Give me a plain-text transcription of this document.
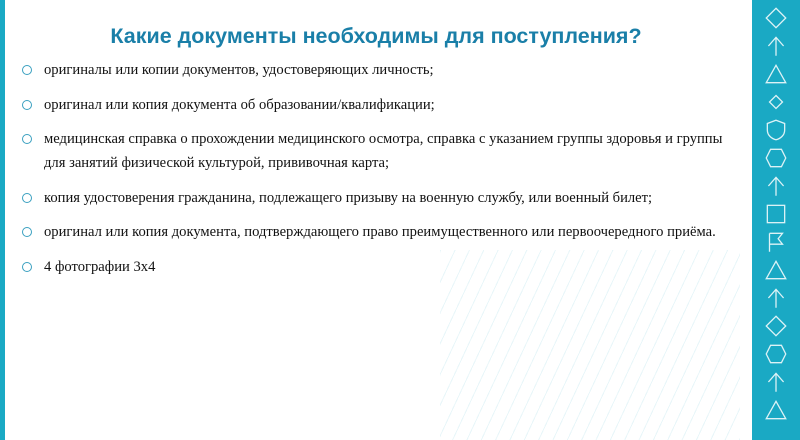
Какие документы необходимы для поступления?
оригиналы или копии документов, удостоверяющих личность;
оригинал или копия документа об образовании/квалификации;
медицинская справка о прохождении медицинского осмотра, справка с указанием группы здоровья и группы для занятий физической культурой, прививочная карта;
копия удостоверения гражданина, подлежащего призыву на военную службу, или военный билет;
оригинал или копия документа, подтверждающего право преимущественного или первоочередного приёма.
4 фотографии 3х4
